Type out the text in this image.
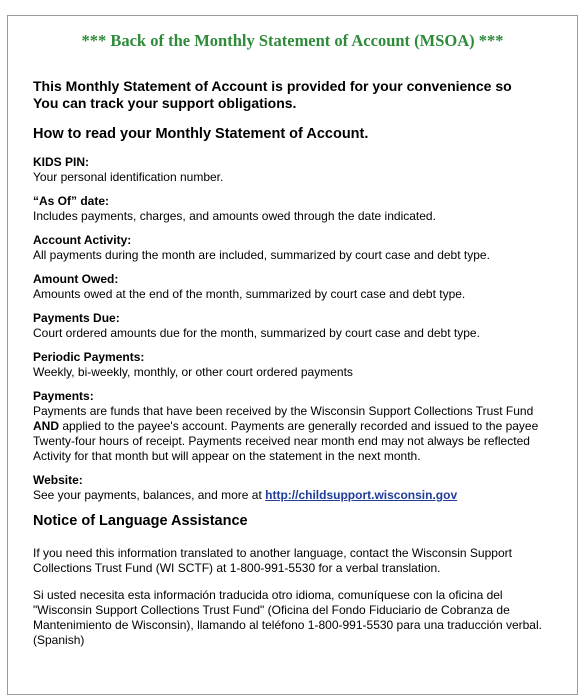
*** Back of the Monthly Statement of Account (MSOA) ***

This Monthly Statement of Account is provided for your convenience so

You can track your support obligations.

How to read your Monthly Statement of Account.
KIDS PIN:
Your personal identification number.
“As Of” date:
Includes payments, charges, and amounts owed through the date indicated.
Account Activity:
All payments during the month are included, summarized by court case and debt type.
Amount Owed:
Amounts owed at the end of the month, summarized by court case and debt type.
Payments Due:
Court ordered amounts due for the month, summarized by court case and debt type.
Periodic Payments:
Weekly, bi-weekly, monthly, or other court ordered payments
Payments:
Payments are funds that have been received by the Wisconsin Support Collections Trust Fund
AND applied to the payee's account. Payments are generally recorded and issued to the payee
Twenty-four hours of receipt. Payments received near month end may not always be reflected
Activity for that month but will appear on the statement in the next month.
Website:
See your payments, balances, and more at http://childsupport.wisconsin.gov
Notice of Language Assistance
If you need this information translated to another language, contact the Wisconsin Support
Collections Trust Fund (WI SCTF) at 1-800-991-5530 for a verbal translation.
Si usted necesita esta información traducida otro idioma, comuníquese con la oficina del
"Wisconsin Support Collections Trust Fund" (Oficina del Fondo Fiduciario de Cobranza de
Mantenimiento de Wisconsin), llamando al teléfono 1-800-991-5530 para una traducción verbal.
(Spanish)
